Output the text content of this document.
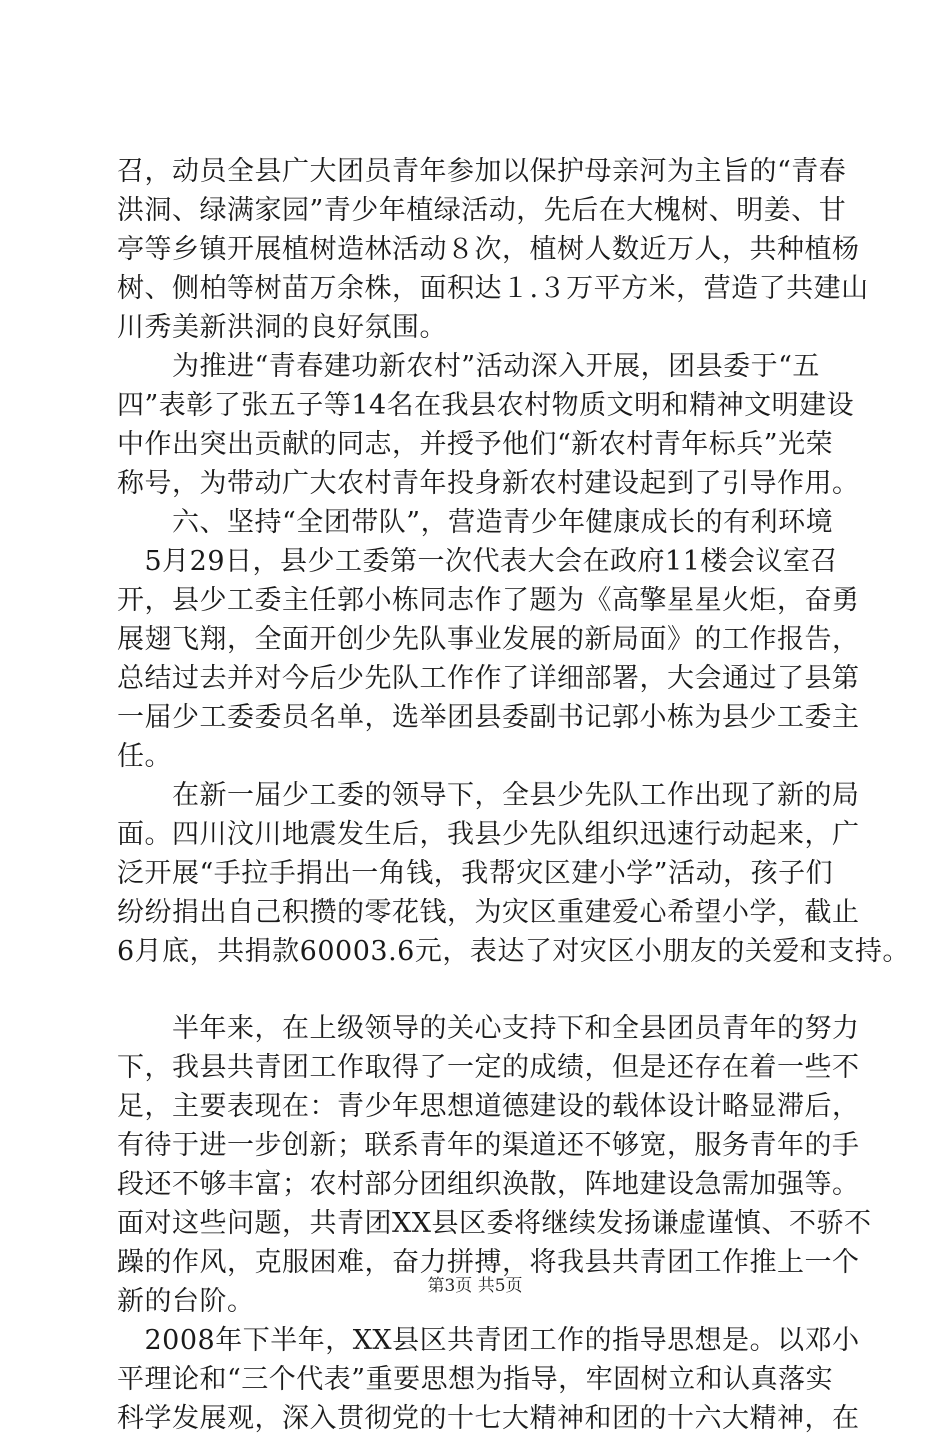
召，动员全县广大团员青年参加以保护母亲河为主旨的“青春
洪洞、绿满家园”青少年植绿活动，先后在大槐树、明姜、甘
亭等乡镇开展植树造林活动８次，植树人数近万人，共种植杨
树、侧柏等树苗万余株，面积达１.３万平方米，营造了共建山
川秀美新洪洞的良好氛围。
　　为推进“青春建功新农村”活动深入开展，团县委于“五
四”表彰了张五子等14名在我县农村物质文明和精神文明建设
中作出突出贡献的同志，并授予他们“新农村青年标兵”光荣
称号，为带动广大农村青年投身新农村建设起到了引导作用。
　　六、坚持“全团带队”，营造青少年健康成长的有利环境
　5月29日，县少工委第一次代表大会在政府11楼会议室召
开，县少工委主任郭小栋同志作了题为《高擎星星火炬，奋勇
展翅飞翔，全面开创少先队事业发展的新局面》的工作报告，
总结过去并对今后少先队工作作了详细部署，大会通过了县第
一届少工委委员名单，选举团县委副书记郭小栋为县少工委主
任。
　　在新一届少工委的领导下，全县少先队工作出现了新的局
面。四川汶川地震发生后，我县少先队组织迅速行动起来，广
泛开展“手拉手捐出一角钱，我帮灾区建小学”活动，孩子们
纷纷捐出自己积攒的零花钱，为灾区重建爱心希望小学，截止
6月底，共捐款60003.6元，表达了对灾区小朋友的关爱和支持。
　　半年来，在上级领导的关心支持下和全县团员青年的努力
下，我县共青团工作取得了一定的成绩，但是还存在着一些不
足，主要表现在：青少年思想道德建设的载体设计略显滞后，
有待于进一步创新；联系青年的渠道还不够宽，服务青年的手
段还不够丰富；农村部分团组织涣散，阵地建设急需加强等。
面对这些问题，共青团XX县区委将继续发扬谦虚谨慎、不骄不
躁的作风，克服困难，奋力拼搏，将我县共青团工作推上一个
新的台阶。
　2008年下半年，XX县区共青团工作的指导思想是。以邓小
平理论和“三个代表”重要思想为指导，牢固树立和认真落实
科学发展观，深入贯彻党的十七大精神和团的十六大精神，在
第3页 共5页
